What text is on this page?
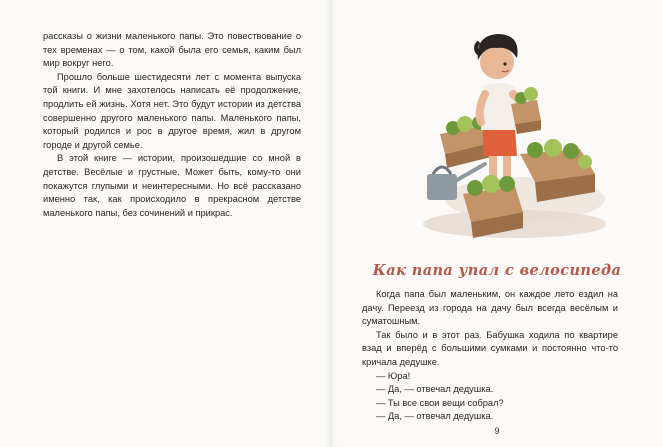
рассказы о жизни маленького папы. Это повествование о тех временах — о том, какой была его семья, каким был мир вокруг него.

Прошло больше шестидесяти лет с момента выпуска той книги. И мне захотелось написать её продолжение, продлить ей жизнь. Хотя нет. Это будут истории из детства совершенно другого маленького папы. Маленького папы, который родился и рос в другое время, жил в другом городе и другой семье.

В этой книге — истории, произошедшие со мной в детстве. Весёлые и грустные. Может быть, кому-то они покажутся глупыми и неинтересными. Но всё рассказано именно так, как происходило в прекрасном детстве маленького папы, без сочинений и прикрас.

Как папа упал с велосипеда

Когда папа был маленьким, он каждое лето ездил на дачу. Переезд из города на дачу был всегда весёлым и суматошным.

Так было и в этот раз. Бабушка ходила по квартире взад и вперёд с большими сумками и постоянно что-то кричала дедушке.

— Юра!

— Да, — отвечал дедушка.

— Ты все свои вещи собрал?

— Да, — отвечал дедушка.

9
